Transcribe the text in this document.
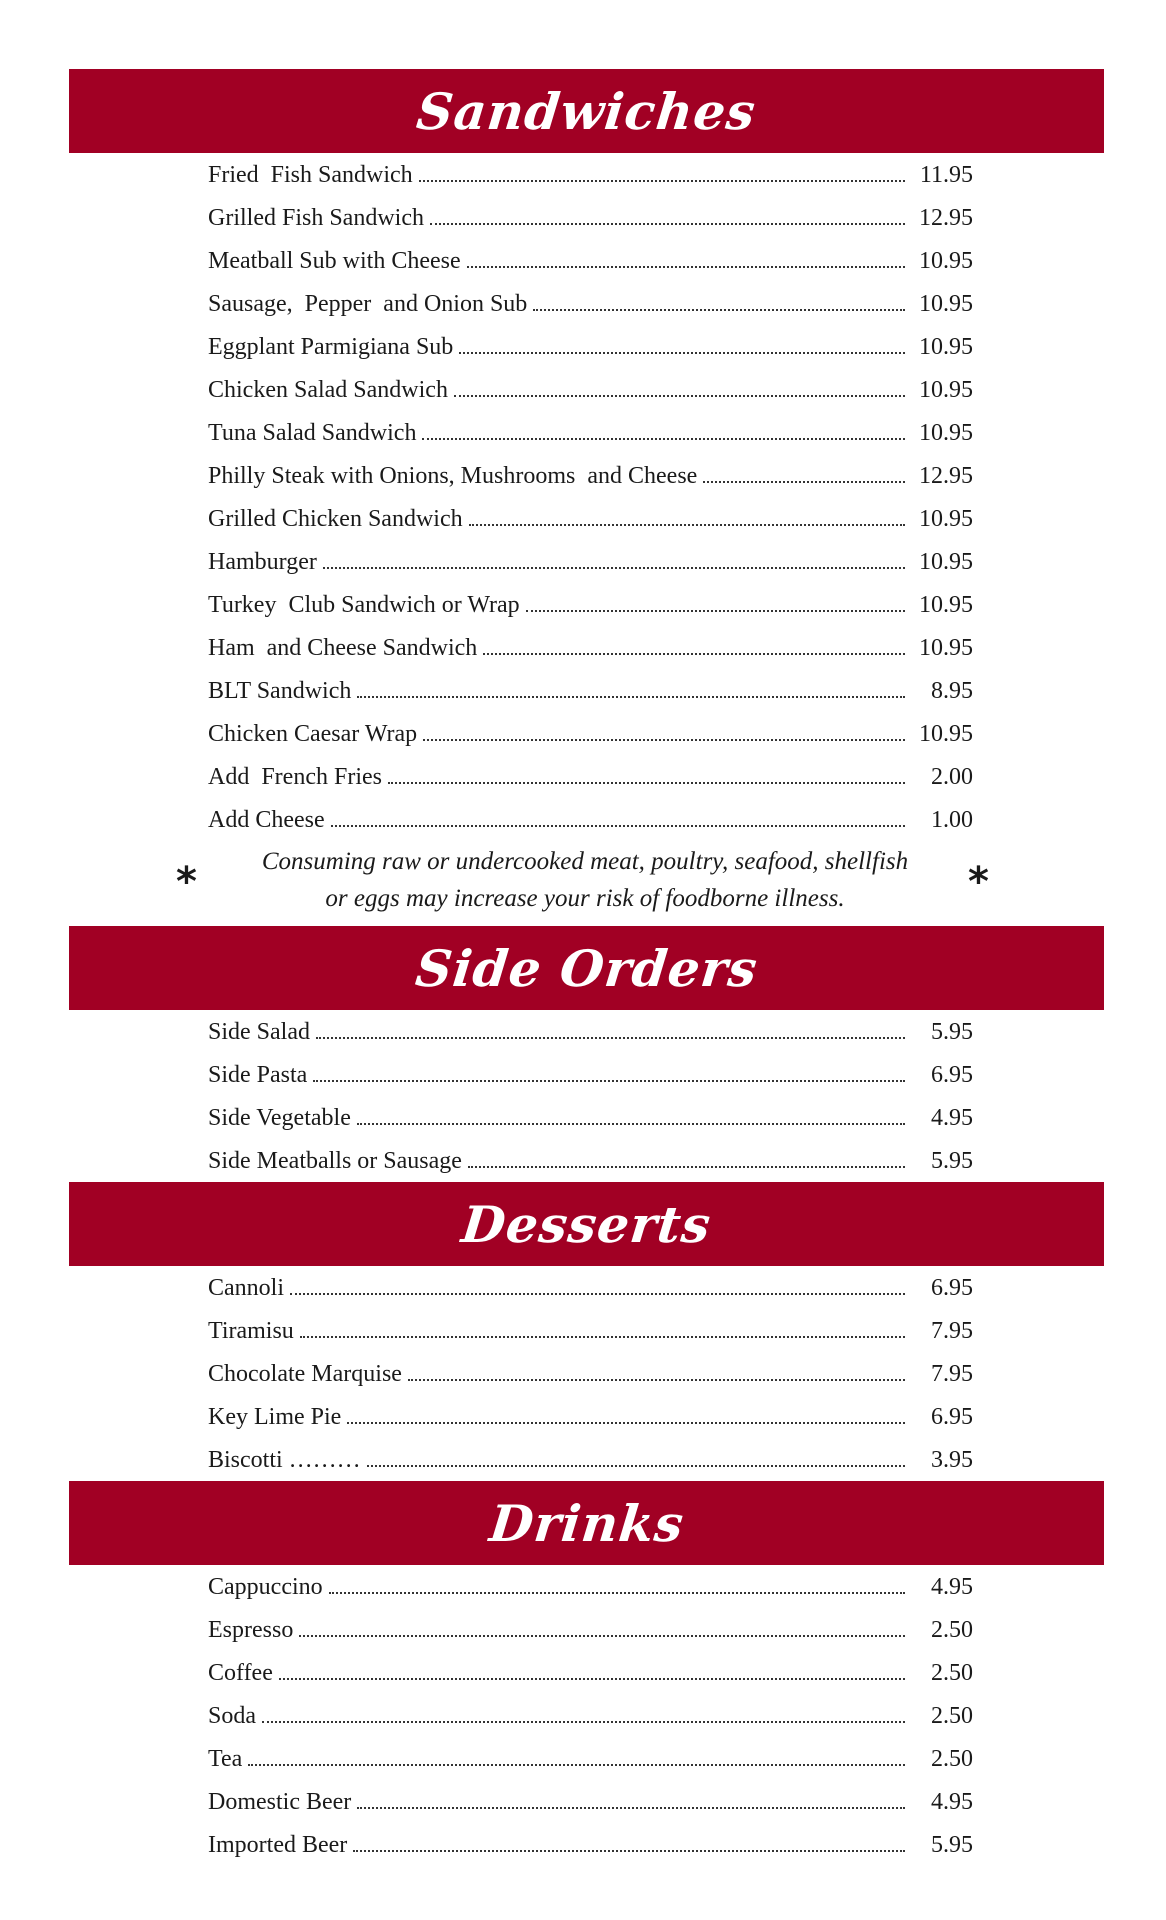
Sandwiches
Fried  Fish Sandwich	11.95
Grilled Fish Sandwich	12.95
Meatball Sub with Cheese	10.95
Sausage,  Pepper  and Onion Sub	10.95
Eggplant Parmigiana Sub	10.95
Chicken Salad Sandwich	10.95
Tuna Salad Sandwich	10.95
Philly Steak with Onions, Mushrooms  and Cheese	12.95
Grilled Chicken Sandwich	10.95
Hamburger	10.95
Turkey  Club Sandwich or Wrap	10.95
Ham  and Cheese Sandwich	10.95
BLT Sandwich	8.95
Chicken Caesar Wrap	10.95
Add  French Fries	2.00
Add Cheese	1.00
*	Consuming raw or undercooked meat, poultry, seafood, shellfish
or eggs may increase your risk of foodborne illness.	*
Side Orders
Side Salad	5.95
Side Pasta	6.95
Side Vegetable	4.95
Side Meatballs or Sausage	5.95
Desserts
Cannoli	6.95
Tiramisu	7.95
Chocolate Marquise	7.95
Key Lime Pie	6.95
Biscotti ………	3.95
Drinks
Cappuccino	4.95
Espresso	2.50
Coffee	2.50
Soda	2.50
Tea	2.50
Domestic Beer	4.95
Imported Beer	5.95
